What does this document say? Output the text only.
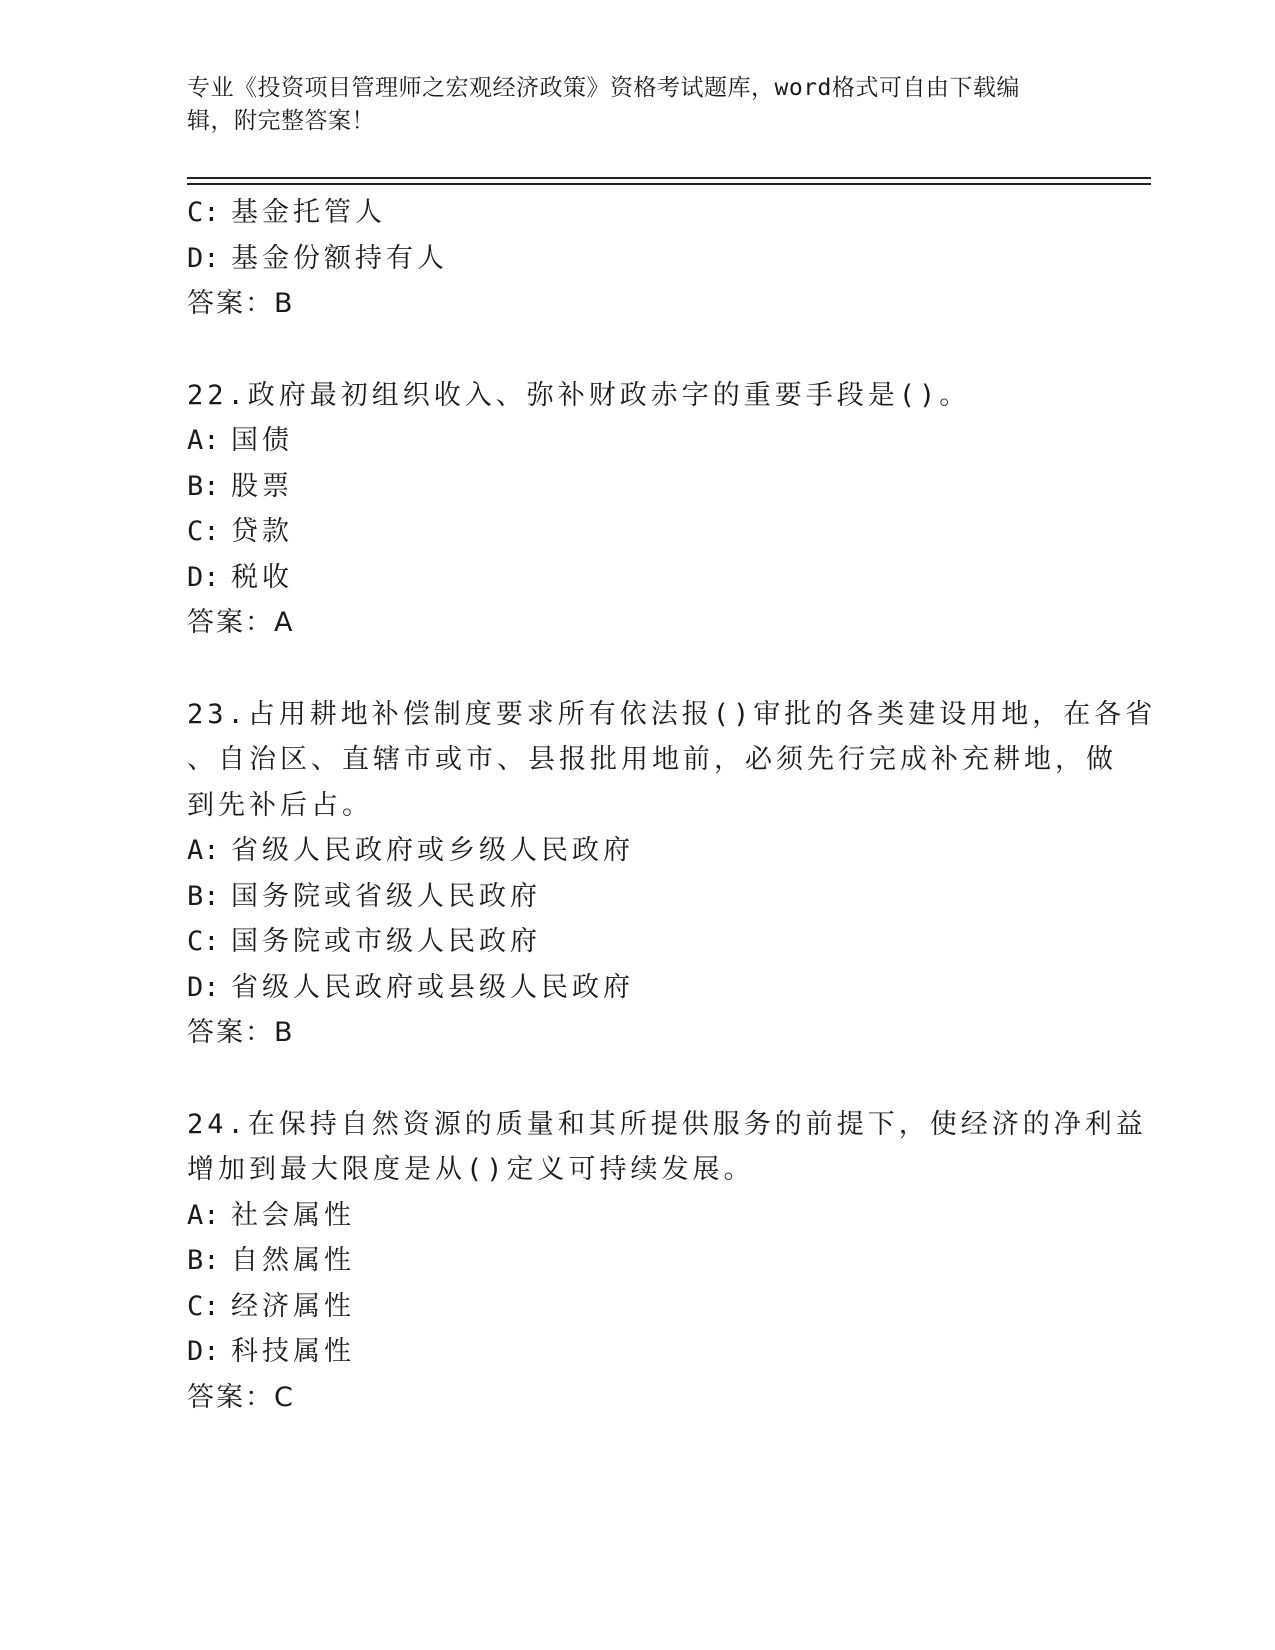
专业《投资项目管理师之宏观经济政策》资格考试题库，word格式可自由下载编
辑，附完整答案！
C: 基金托管人
D: 基金份额持有人
答案：B
22.政府最初组织收入、弥补财政赤字的重要手段是()。
A: 国债
B: 股票
C: 贷款
D: 税收
答案：A
23.占用耕地补偿制度要求所有依法报()审批的各类建设用地，在各省
、自治区、直辖市或市、县报批用地前，必须先行完成补充耕地，做
到先补后占。
A: 省级人民政府或乡级人民政府
B: 国务院或省级人民政府
C: 国务院或市级人民政府
D: 省级人民政府或县级人民政府
答案：B
24.在保持自然资源的质量和其所提供服务的前提下，使经济的净利益
增加到最大限度是从()定义可持续发展。
A: 社会属性
B: 自然属性
C: 经济属性
D: 科技属性
答案：C
